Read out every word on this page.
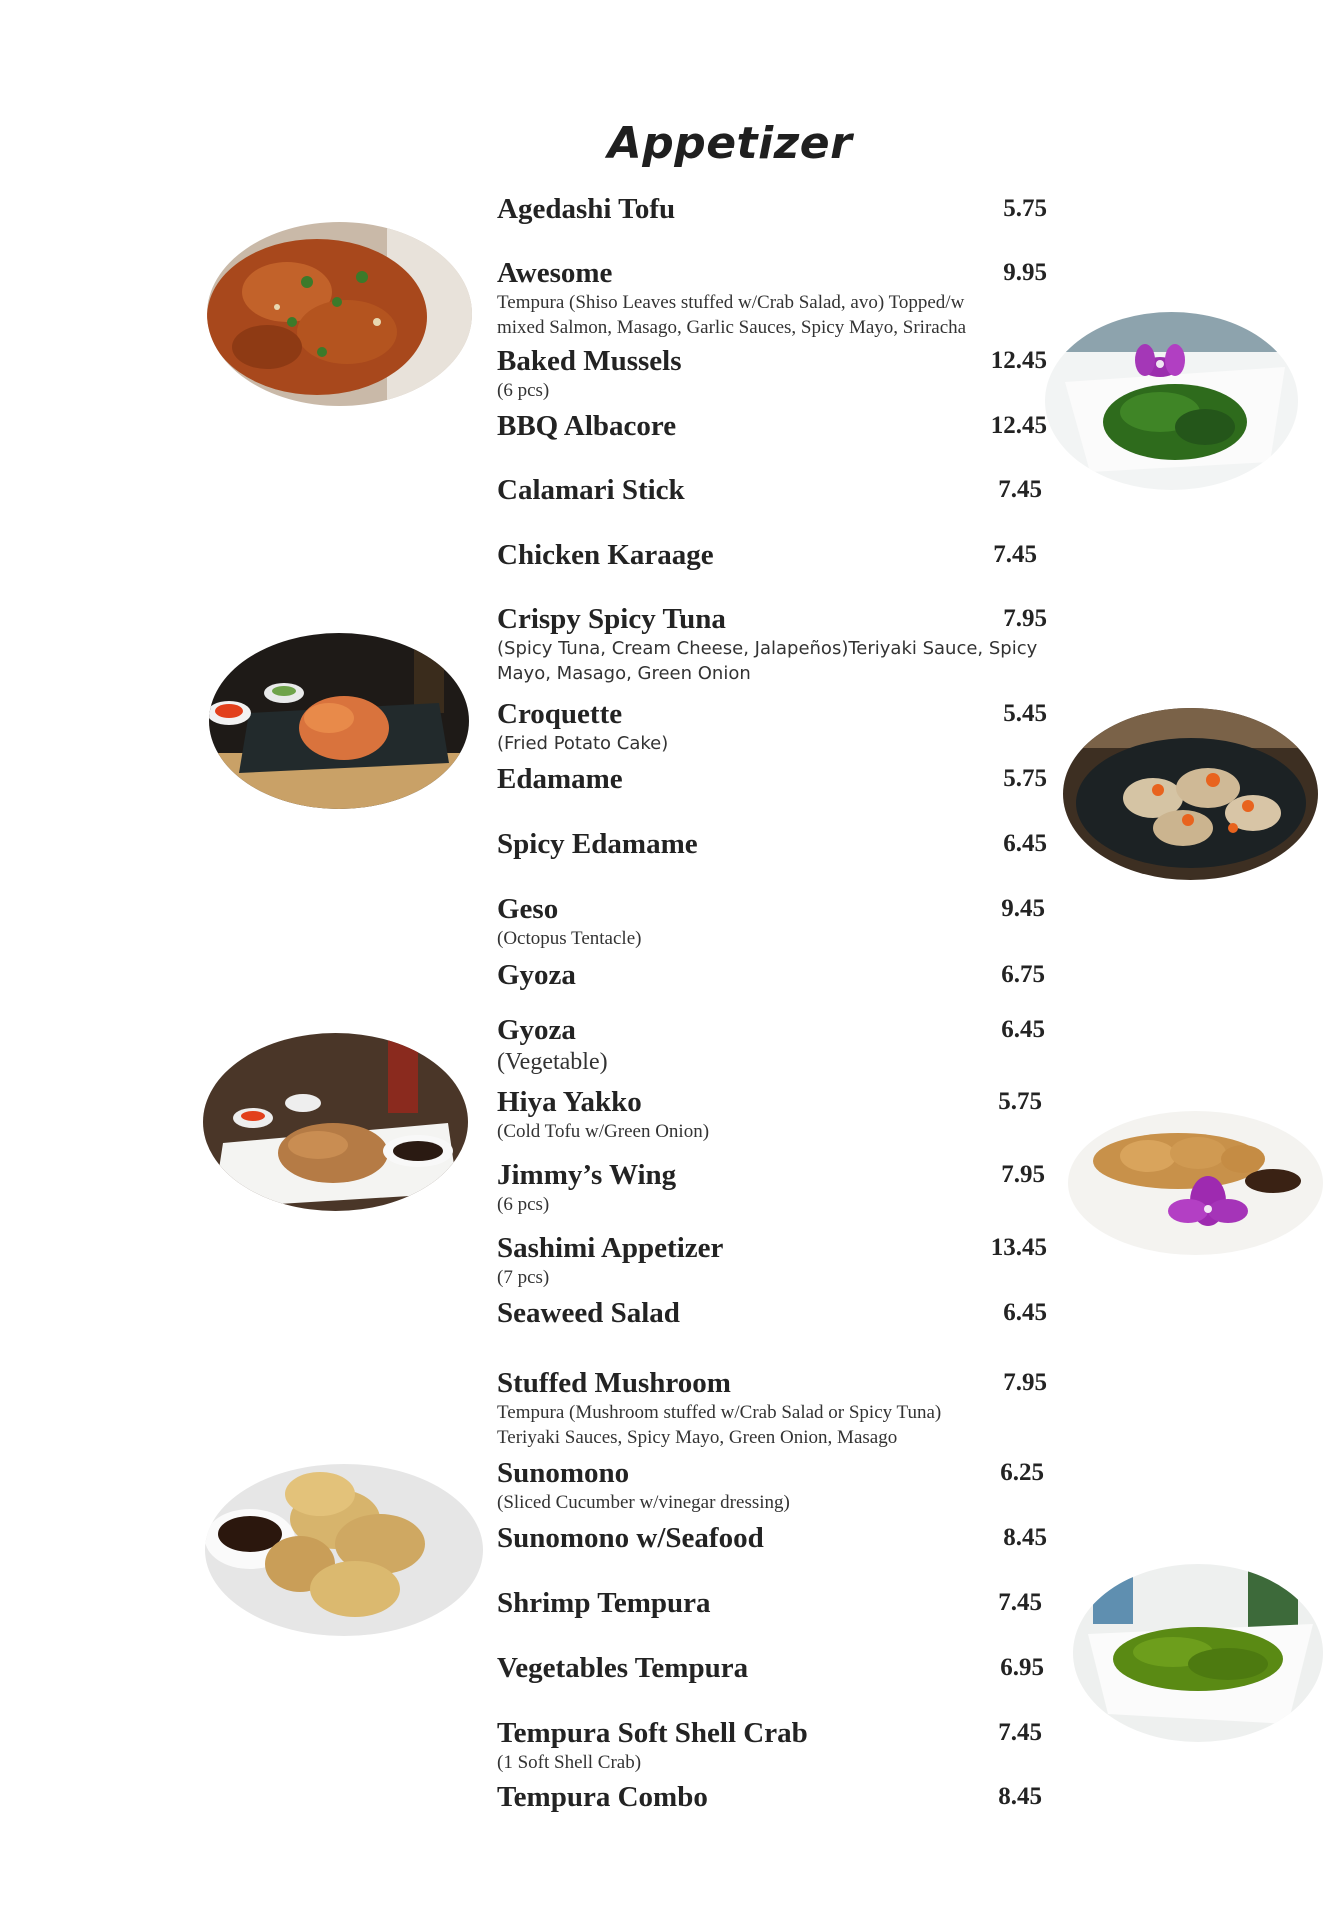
Appetizer
Agedashi Tofu	5.75
Awesome	9.95
Tempura (Shiso Leaves stuffed w/Crab Salad, avo) Topped/w
mixed Salmon, Masago, Garlic Sauces, Spicy Mayo, Sriracha
Baked Mussels	12.45
(6 pcs)
BBQ Albacore	12.45
Calamari Stick	7.45
Chicken Karaage	7.45
Crispy Spicy Tuna	7.95
(Spicy Tuna, Cream Cheese, Jalapeños)Teriyaki Sauce, Spicy
Mayo, Masago, Green Onion
Croquette	5.45
(Fried Potato Cake)
Edamame	5.75
Spicy Edamame	6.45
Geso	9.45
(Octopus Tentacle)
Gyoza	6.75
Gyoza	6.45
(Vegetable)
Hiya Yakko	5.75
(Cold Tofu w/Green Onion)
Jimmy’s Wing	7.95
(6 pcs)
Sashimi Appetizer	13.45
(7 pcs)
Seaweed Salad	6.45
Stuffed Mushroom	7.95
Tempura (Mushroom stuffed w/Crab Salad or Spicy Tuna)
Teriyaki Sauces, Spicy Mayo, Green Onion, Masago
Sunomono	6.25
(Sliced Cucumber w/vinegar dressing)
Sunomono w/Seafood	8.45
Shrimp Tempura	7.45
Vegetables Tempura	6.95
Tempura Soft Shell Crab	7.45
(1 Soft Shell Crab)
Tempura Combo	8.45
